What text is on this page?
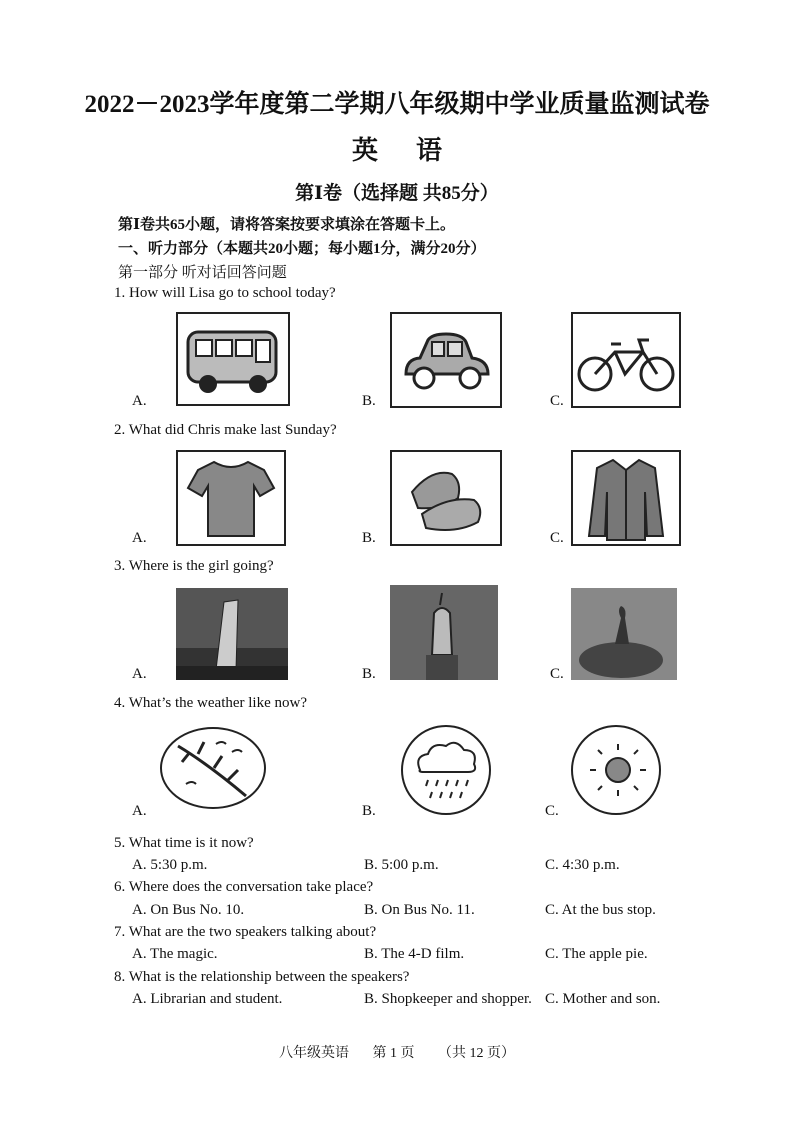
2022－2023学年度第二学期八年级期中学业质量监测试卷
英语
第Ⅰ卷（选择题 共85分）
第Ⅰ卷共65小题，请将答案按要求填涂在答题卡上。
一、听力部分（本题共20小题；每小题1分，满分20分）
第一部分 听对话回答问题
1. How will Lisa go to school today?
A.	B.	C.
2. What did Chris make last Sunday?
A.	B.	C.
3. Where is the girl going?
A.	B.	C.
4. What’s the weather like now?
A.	B.	C.
5. What time is it now?
A. 5:30 p.m.	B. 5:00 p.m.	C. 4:30 p.m.
6. Where does the conversation take place?
A. On Bus No. 10.	B. On Bus No. 11.	C. At the bus stop.
7. What are the two speakers talking about?
A. The magic.	B. The 4-D film.	C. The apple pie.
8. What is the relationship between the speakers?
A. Librarian and student.	B. Shopkeeper and shopper. C. Mother and son.
八年级英语 第 1 页 （共 12 页）
